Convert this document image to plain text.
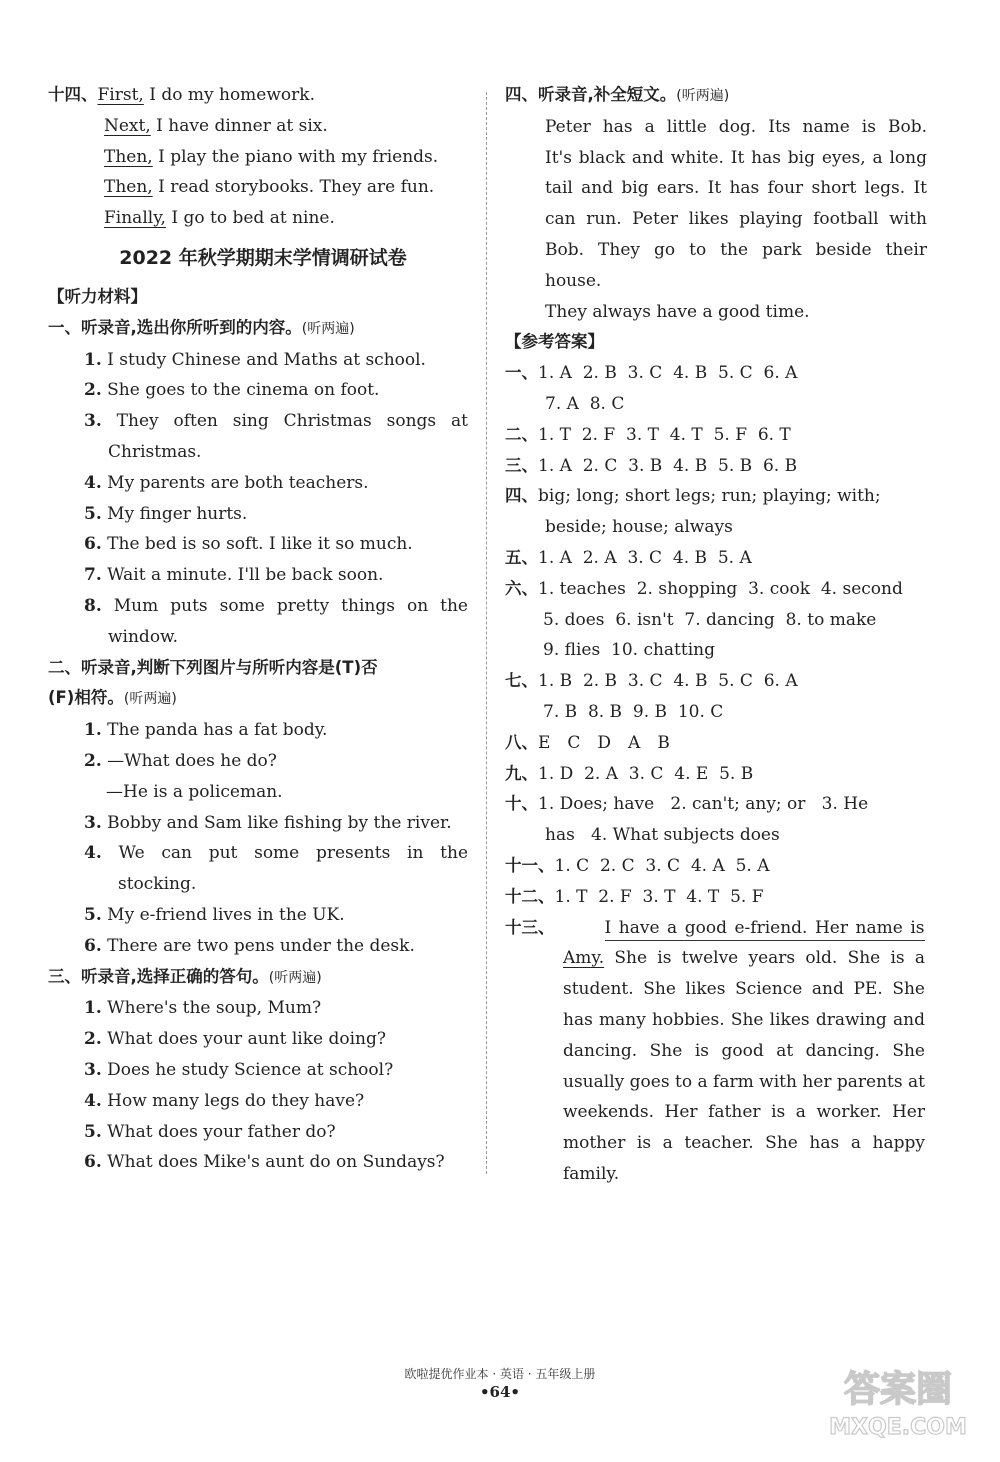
十四、First, I do my homework.
Next, I have dinner at six.
Then, I play the piano with my friends.
Then, I read storybooks. They are fun.
Finally, I go to bed at nine.
2022 年秋学期期末学情调研试卷
【听力材料】
一、听录音,选出你所听到的内容。(听两遍)
1. I study Chinese and Maths at school.
2. She goes to the cinema on foot.
3. They often sing Christmas songs at
Christmas.
4. My parents are both teachers.
5. My finger hurts.
6. The bed is so soft. I like it so much.
7. Wait a minute. I'll be back soon.
8. Mum puts some pretty things on the
window.
二、听录音,判断下列图片与所听内容是(T)否
(F)相符。(听两遍)
1. The panda has a fat body.
2. —What does he do?
—He is a policeman.
3. Bobby and Sam like fishing by the river.
4. We can put some presents in the
stocking.
5. My e-friend lives in the UK.
6. There are two pens under the desk.
三、听录音,选择正确的答句。(听两遍)
1. Where's the soup, Mum?
2. What does your aunt like doing?
3. Does he study Science at school?
4. How many legs do they have?
5. What does your father do?
6. What does Mike's aunt do on Sundays?
四、听录音,补全短文。(听两遍)
Peter has a little dog. Its name is Bob.
It's black and white. It has big eyes, a long
tail and big ears. It has four short legs. It
can run. Peter likes playing football with
Bob. They go to the park beside their house.
They always have a good time.
【参考答案】
一、1. A 2. B 3. C 4. B 5. C 6. A
7. A 8. C
二、1. T 2. F 3. T 4. T 5. F 6. T
三、1. A 2. C 3. B 4. B 5. B 6. B
四、big; long; short legs; run; playing; with;
beside; house; always
五、1. A 2. A 3. C 4. B 5. A
六、1. teaches 2. shopping 3. cook 4. second
5. does 6. isn't 7. dancing 8. to make
9. flies 10. chatting
七、1. B 2. B 3. C 4. B 5. C 6. A
7. B 8. B 9. B 10. C
八、E　C　D　A　B
九、1. D 2. A 3. C 4. E 5. B
十、1. Does; have 2. can't; any; or 3. He
has 4. What subjects does
十一、1. C 2. C 3. C 4. A 5. A
十二、1. T 2. F 3. T 4. T 5. F
十三、	I have a good e-friend. Her name is
Amy. She is twelve years old. She is a
student. She likes Science and PE. She
has many hobbies. She likes drawing and
dancing. She is good at dancing. She
usually goes to a farm with her parents at
weekends. Her father is a worker. Her
mother is a teacher. She has a happy
family.
欧啦提优作业本 · 英语 · 五年级上册
•64•	答案圈
MXQE.COM
